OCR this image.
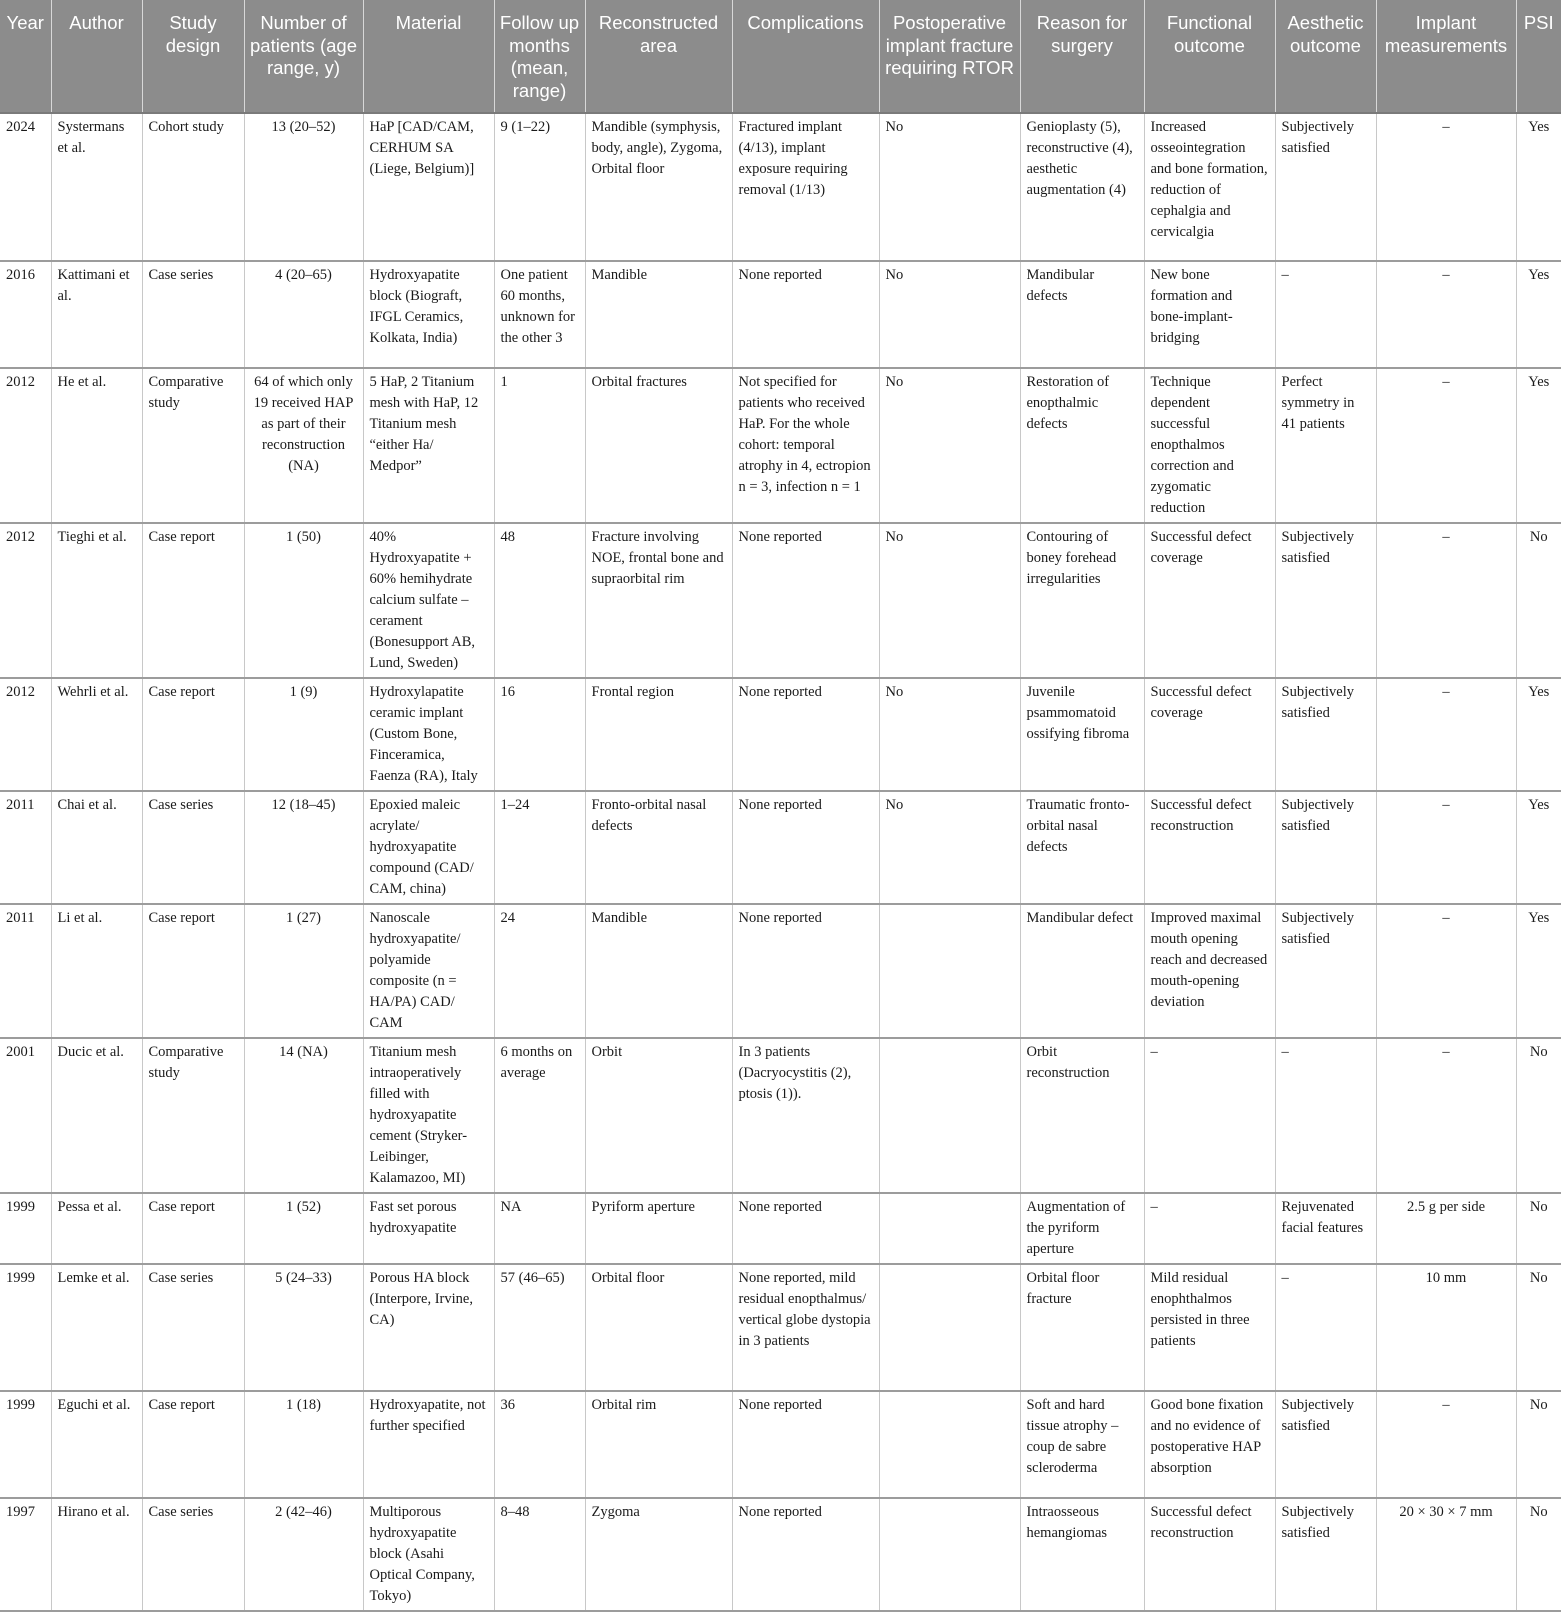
Year	Author	Study design	Number of patients (age range, y)	Material	Follow up months (mean, range)	Reconstructed area	Complications	Postoperative implant fracture requiring RTOR	Reason for surgery	Functional outcome	Aesthetic outcome	Implant measurements	PSI
2024	Systermans et al.	Cohort study	13 (20–52)	HaP [CAD/CAM, CERHUM SA (Liege, Belgium)]	9 (1–22)	Mandible (symphysis, body, angle), Zygoma, Orbital floor	Fractured implant (4/13), implant exposure requiring removal (1/13)	No	Genioplasty (5), reconstructive (4), aesthetic augmentation (4)	Increased osseointegration and bone formation, reduction of cephalgia and cervicalgia	Subjectively satisfied	–	Yes
2016	Kattimani et al.	Case series	4 (20–65)	Hydroxyapatite block (Biograft, IFGL Ceramics, Kolkata, India)	One patient 60 months, unknown for the other 3	Mandible	None reported	No	Mandibular defects	New bone formation and bone-implant-bridging	–	–	Yes
2012	He et al.	Comparative study	64 of which only 19 received HAP as part of their reconstruction (NA)	5 HaP, 2 Titanium mesh with HaP, 12 Titanium mesh “either Ha/ Medpor”	1	Orbital fractures	Not specified for patients who received HaP. For the whole cohort: temporal atrophy in 4, ectropion n = 3, infection n = 1	No	Restoration of enopthalmic defects	Technique dependent successful enopthalmos correction and zygomatic reduction	Perfect symmetry in 41 patients	–	Yes
2012	Tieghi et al.	Case report	1 (50)	40% Hydroxyapatite + 60% hemihydrate calcium sulfate – cerament (Bonesupport AB, Lund, Sweden)	48	Fracture involving NOE, frontal bone and supraorbital rim	None reported	No	Contouring of boney forehead irregularities	Successful defect coverage	Subjectively satisfied	–	No
2012	Wehrli et al.	Case report	1 (9)	Hydroxylapatite ceramic implant (Custom Bone, Finceramica, Faenza (RA), Italy	16	Frontal region	None reported	No	Juvenile psammomatoid ossifying fibroma	Successful defect coverage	Subjectively satisfied	–	Yes
2011	Chai et al.	Case series	12 (18–45)	Epoxied maleic acrylate/ hydroxyapatite compound (CAD/ CAM, china)	1–24	Fronto-orbital nasal defects	None reported	No	Traumatic fronto-orbital nasal defects	Successful defect reconstruction	Subjectively satisfied	–	Yes
2011	Li et al.	Case report	1 (27)	Nanoscale hydroxyapatite/ polyamide composite (n = HA/PA) CAD/ CAM	24	Mandible	None reported		Mandibular defect	Improved maximal mouth opening reach and decreased mouth-opening deviation	Subjectively satisfied	–	Yes
2001	Ducic et al.	Comparative study	14 (NA)	Titanium mesh intraoperatively filled with hydroxyapatite cement (Stryker-Leibinger, Kalamazoo, MI)	6 months on average	Orbit	In 3 patients (Dacryocystitis (2), ptosis (1)).		Orbit reconstruction	–	–	–	No
1999	Pessa et al.	Case report	1 (52)	Fast set porous hydroxyapatite	NA	Pyriform aperture	None reported		Augmentation of the pyriform aperture	–	Rejuvenated facial features	2.5 g per side	No
1999	Lemke et al.	Case series	5 (24–33)	Porous HA block (Interpore, Irvine, CA)	57 (46–65)	Orbital floor	None reported, mild residual enopthalmus/ vertical globe dystopia in 3 patients		Orbital floor fracture	Mild residual enophthalmos persisted in three patients	–	10 mm	No
1999	Eguchi et al.	Case report	1 (18)	Hydroxyapatite, not further specified	36	Orbital rim	None reported		Soft and hard tissue atrophy – coup de sabre scleroderma	Good bone fixation and no evidence of postoperative HAP absorption	Subjectively satisfied	–	No
1997	Hirano et al.	Case series	2 (42–46)	Multiporous hydroxyapatite block (Asahi Optical Company, Tokyo)	8–48	Zygoma	None reported		Intraosseous hemangiomas	Successful defect reconstruction	Subjectively satisfied	20 × 30 × 7 mm	No
